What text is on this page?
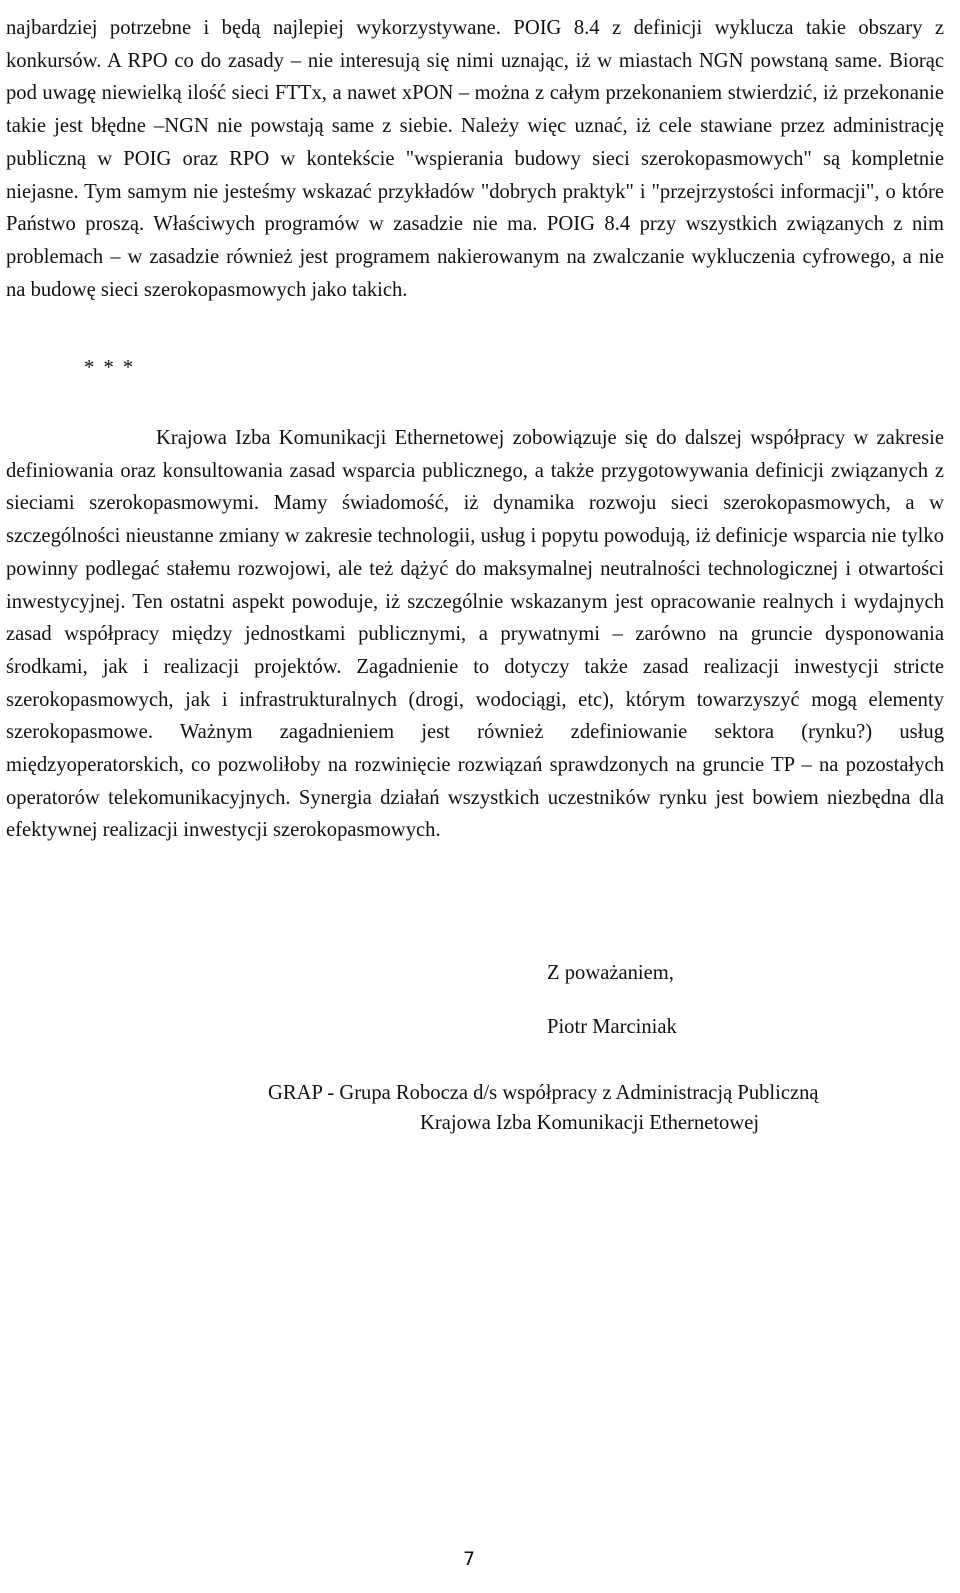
najbardziej potrzebne i będą najlepiej wykorzystywane. POIG 8.4 z definicji wyklucza takie obszary z konkursów. A RPO co do zasady – nie interesują się nimi uznając, iż w miastach NGN powstaną same. Biorąc pod uwagę niewielką ilość sieci FTTx, a nawet xPON – można z całym przekonaniem stwierdzić, iż przekonanie takie jest błędne –NGN nie powstają same z siebie. Należy więc uznać, iż cele stawiane przez administrację publiczną w POIG oraz RPO w kontekście "wspierania budowy sieci szerokopasmowych" są kompletnie niejasne. Tym samym nie jesteśmy wskazać przykładów "dobrych praktyk" i "przejrzystości informacji", o które Państwo proszą. Właściwych programów w zasadzie nie ma. POIG 8.4 przy wszystkich związanych z nim problemach – w zasadzie również jest programem nakierowanym na zwalczanie wykluczenia cyfrowego, a nie na budowę sieci szerokopasmowych jako takich.

* * *

Krajowa Izba Komunikacji Ethernetowej zobowiązuje się do dalszej współpracy w zakresie definiowania oraz konsultowania zasad wsparcia publicznego, a także przygotowywania definicji związanych z sieciami szerokopasmowymi. Mamy świadomość, iż dynamika rozwoju sieci szerokopasmowych, a w szczególności nieustanne zmiany w zakresie technologii, usług i popytu powodują, iż definicje wsparcia nie tylko powinny podlegać stałemu rozwojowi, ale też dążyć do maksymalnej neutralności technologicznej i otwartości inwestycyjnej. Ten ostatni aspekt powoduje, iż szczególnie wskazanym jest opracowanie realnych i wydajnych zasad współpracy między jednostkami publicznymi, a prywatnymi – zarówno na gruncie dysponowania środkami, jak i realizacji projektów. Zagadnienie to dotyczy także zasad realizacji inwestycji stricte szerokopasmowych, jak i infrastrukturalnych (drogi, wodociągi, etc), którym towarzyszyć mogą elementy szerokopasmowe. Ważnym zagadnieniem jest również zdefiniowanie sektora (rynku?) usług międzyoperatorskich, co pozwoliłoby na rozwinięcie rozwiązań sprawdzonych na gruncie TP – na pozostałych operatorów telekomunikacyjnych. Synergia działań wszystkich uczestników rynku jest bowiem niezbędna dla efektywnej realizacji inwestycji szerokopasmowych.

Z poważaniem,
Piotr Marciniak
GRAP - Grupa Robocza d/s współpracy z Administracją Publiczną
Krajowa Izba Komunikacji Ethernetowej
7
